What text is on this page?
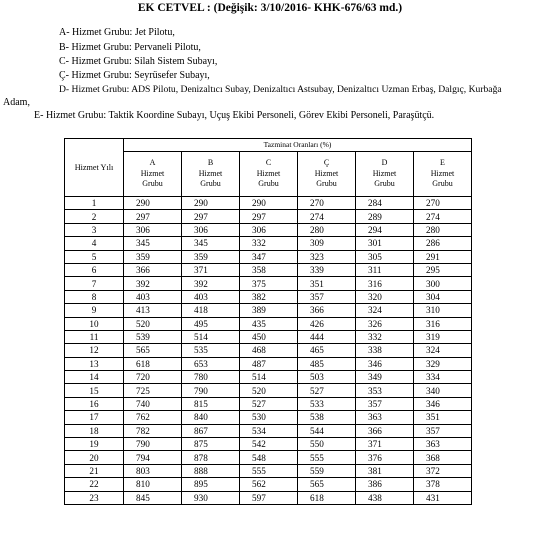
EK CETVEL : (Değişik: 3/10/2016- KHK-676/63 md.)
A- Hizmet Grubu: Jet Pilotu,
B- Hizmet Grubu: Pervaneli Pilotu,
C- Hizmet Grubu: Silah Sistem Subayı,
Ç- Hizmet Grubu: Seyrüsefer Subayı,
D- Hizmet Grubu: ADS Pilotu, Denizaltıcı Subay, Denizaltıcı Astsubay, Denizaltıcı Uzman Erbaş, Dalgıç, Kurbağa
Adam,
E- Hizmet Grubu: Taktik Koordine Subayı, Uçuş Ekibi Personeli, Görev Ekibi Personeli, Paraşütçü.
Hizmet Yılı	Tazminat Oranları (%)					

	A
Hizmet
Grubu	B
Hizmet
Grubu	C
Hizmet
Grubu	Ç
Hizmet
Grubu	D
Hizmet
Grubu	E
Hizmet
Grubu

1	290	290	290	270	284	270
2	297	297	297	274	289	274
3	306	306	306	280	294	280
4	345	345	332	309	301	286
5	359	359	347	323	305	291
6	366	371	358	339	311	295
7	392	392	375	351	316	300
8	403	403	382	357	320	304
9	413	418	389	366	324	310
10	520	495	435	426	326	316
11	539	514	450	444	332	319
12	565	535	468	465	338	324
13	618	653	487	485	346	329
14	720	780	514	503	349	334
15	725	790	520	527	353	340
16	740	815	527	533	357	346
17	762	840	530	538	363	351
18	782	867	534	544	366	357
19	790	875	542	550	371	363
20	794	878	548	555	376	368
21	803	888	555	559	381	372
22	810	895	562	565	386	378
23	845	930	597	618	438	431
